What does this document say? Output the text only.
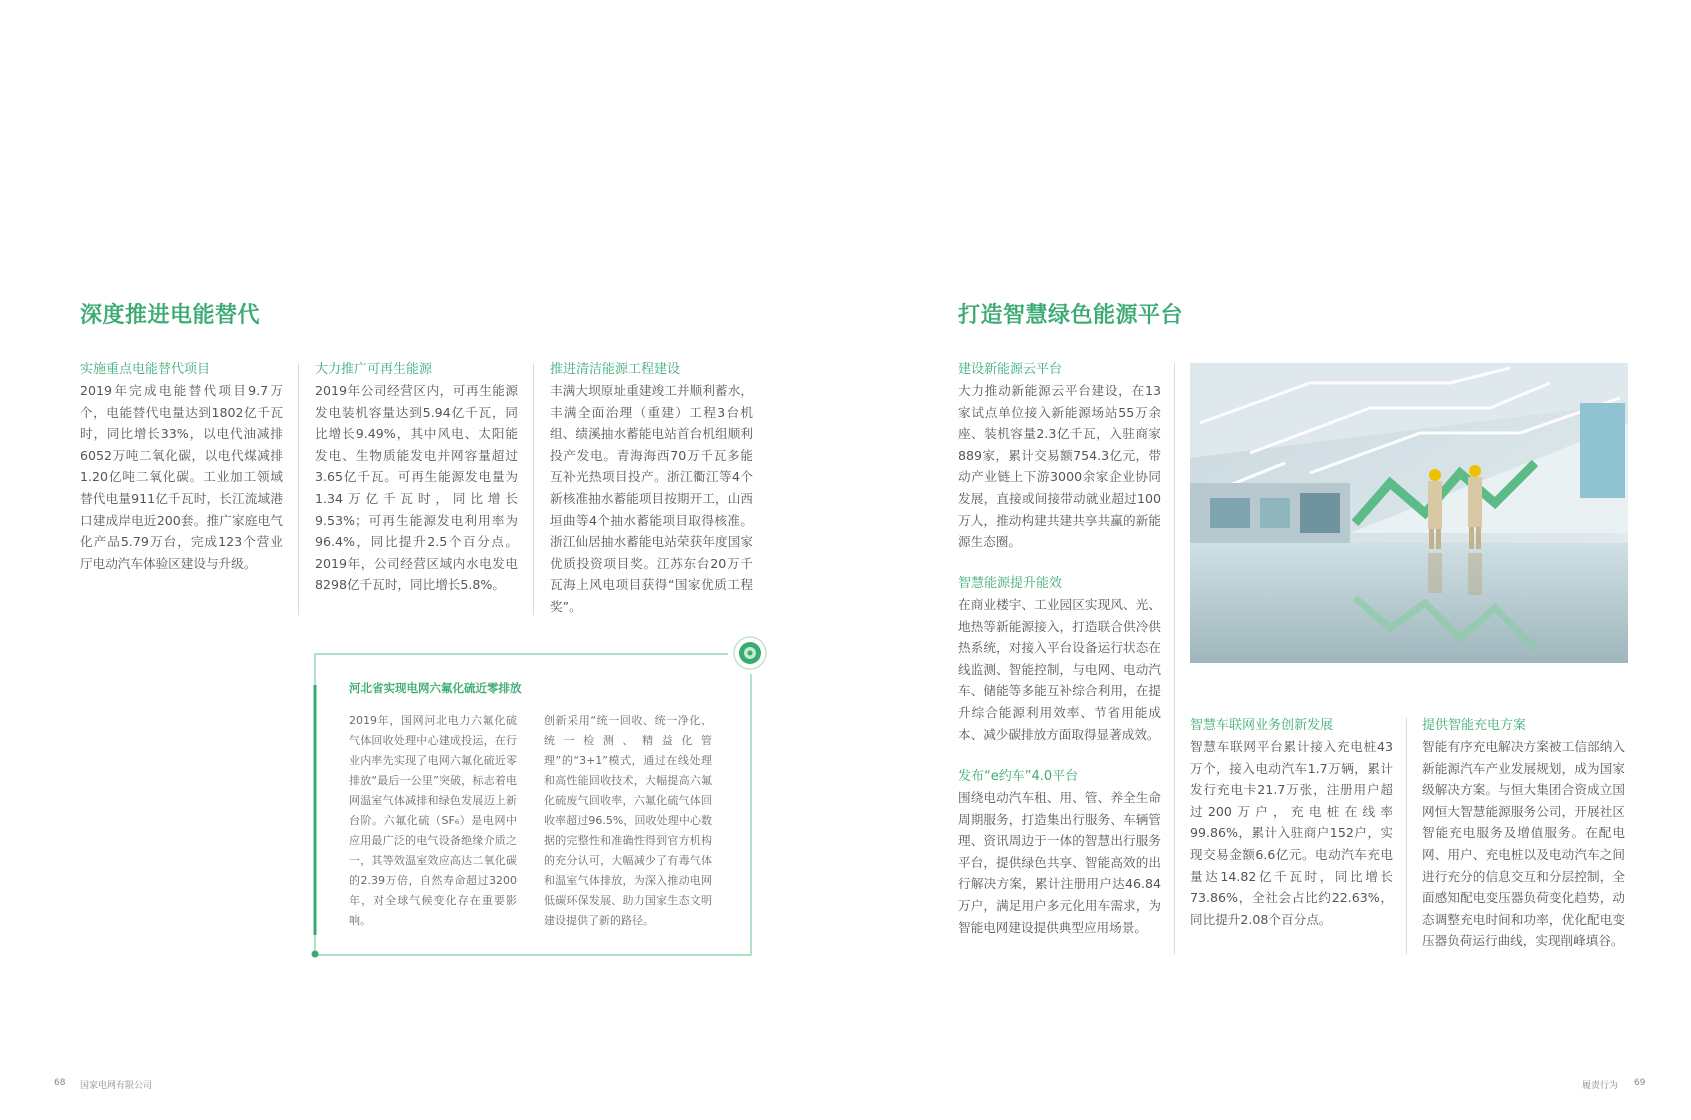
深度推进电能替代
实施重点电能替代项目
2019年完成电能替代项目9.7万个，电能替代电量达到1802亿千瓦时，同比增长33%，以电代油减排6052万吨二氧化碳，以电代煤减排1.20亿吨二氧化碳。工业加工领域替代电量911亿千瓦时，长江流域港口建成岸电近200套。推广家庭电气化产品5.79万台，完成123个营业厅电动汽车体验区建设与升级。
大力推广可再生能源
2019年公司经营区内，可再生能源发电装机容量达到5.94亿千瓦，同比增长9.49%，其中风电、太阳能发电、生物质能发电并网容量超过3.65亿千瓦。可再生能源发电量为1.34万亿千瓦时，同比增长9.53%；可再生能源发电利用率为96.4%，同比提升2.5个百分点。2019年，公司经营区域内水电发电8298亿千瓦时，同比增长5.8%。
推进清洁能源工程建设
丰满大坝原址重建竣工并顺利蓄水，丰满全面治理（重建）工程3台机组、绩溪抽水蓄能电站首台机组顺利投产发电。青海海西70万千瓦多能互补光热项目投产。浙江衢江等4个新核准抽水蓄能项目按期开工，山西垣曲等4个抽水蓄能项目取得核准。浙江仙居抽水蓄能电站荣获年度国家优质投资项目奖。江苏东台20万千瓦海上风电项目获得“国家优质工程奖”。
河北省实现电网六氟化硫近零排放
2019年，国网河北电力六氟化硫气体回收处理中心建成投运，在行业内率先实现了电网六氟化硫近零排放“最后一公里”突破，标志着电网温室气体减排和绿色发展迈上新台阶。六氟化硫（SF₆）是电网中应用最广泛的电气设备绝缘介质之一，其等效温室效应高达二氧化碳的2.39万倍，自然寿命超过3200年，对全球气候变化存在重要影响。
创新采用“统一回收、统一净化、统一检测、精益化管理”的“3+1”模式，通过在线处理和高性能回收技术，大幅提高六氟化硫废气回收率，六氟化硫气体回收率超过96.5%，回收处理中心数据的完整性和准确性得到官方机构的充分认可，大幅减少了有毒气体和温室气体排放，为深入推动电网低碳环保发展、助力国家生态文明建设提供了新的路径。
打造智慧绿色能源平台
建设新能源云平台
大力推动新能源云平台建设，在13家试点单位接入新能源场站55万余座、装机容量2.3亿千瓦，入驻商家889家，累计交易额754.3亿元，带动产业链上下游3000余家企业协同发展，直接或间接带动就业超过100万人，推动构建共建共享共赢的新能源生态圈。
智慧能源提升能效
在商业楼宇、工业园区实现风、光、地热等新能源接入，打造联合供冷供热系统，对接入平台设备运行状态在线监测、智能控制，与电网、电动汽车、储能等多能互补综合利用，在提升综合能源利用效率、节省用能成本、减少碳排放方面取得显著成效。
发布“e约车”4.0平台
围绕电动汽车租、用、管、养全生命周期服务，打造集出行服务、车辆管理、资讯周边于一体的智慧出行服务平台，提供绿色共享、智能高效的出行解决方案，累计注册用户达46.84万户，满足用户多元化用车需求，为智能电网建设提供典型应用场景。
智慧车联网业务创新发展
智慧车联网平台累计接入充电桩43万个，接入电动汽车1.7万辆，累计发行充电卡21.7万张，注册用户超过200万户，充电桩在线率99.86%，累计入驻商户152户，实现交易金额6.6亿元。电动汽车充电量达14.82亿千瓦时，同比增长73.86%，全社会占比约22.63%，同比提升2.08个百分点。
提供智能充电方案
智能有序充电解决方案被工信部纳入新能源汽车产业发展规划，成为国家级解决方案。与恒大集团合资成立国网恒大智慧能源服务公司，开展社区智能充电服务及增值服务。在配电网、用户、充电桩以及电动汽车之间进行充分的信息交互和分层控制，全面感知配电变压器负荷变化趋势，动态调整充电时间和功率，优化配电变压器负荷运行曲线，实现削峰填谷。
68 国家电网有限公司	履责行为 69
